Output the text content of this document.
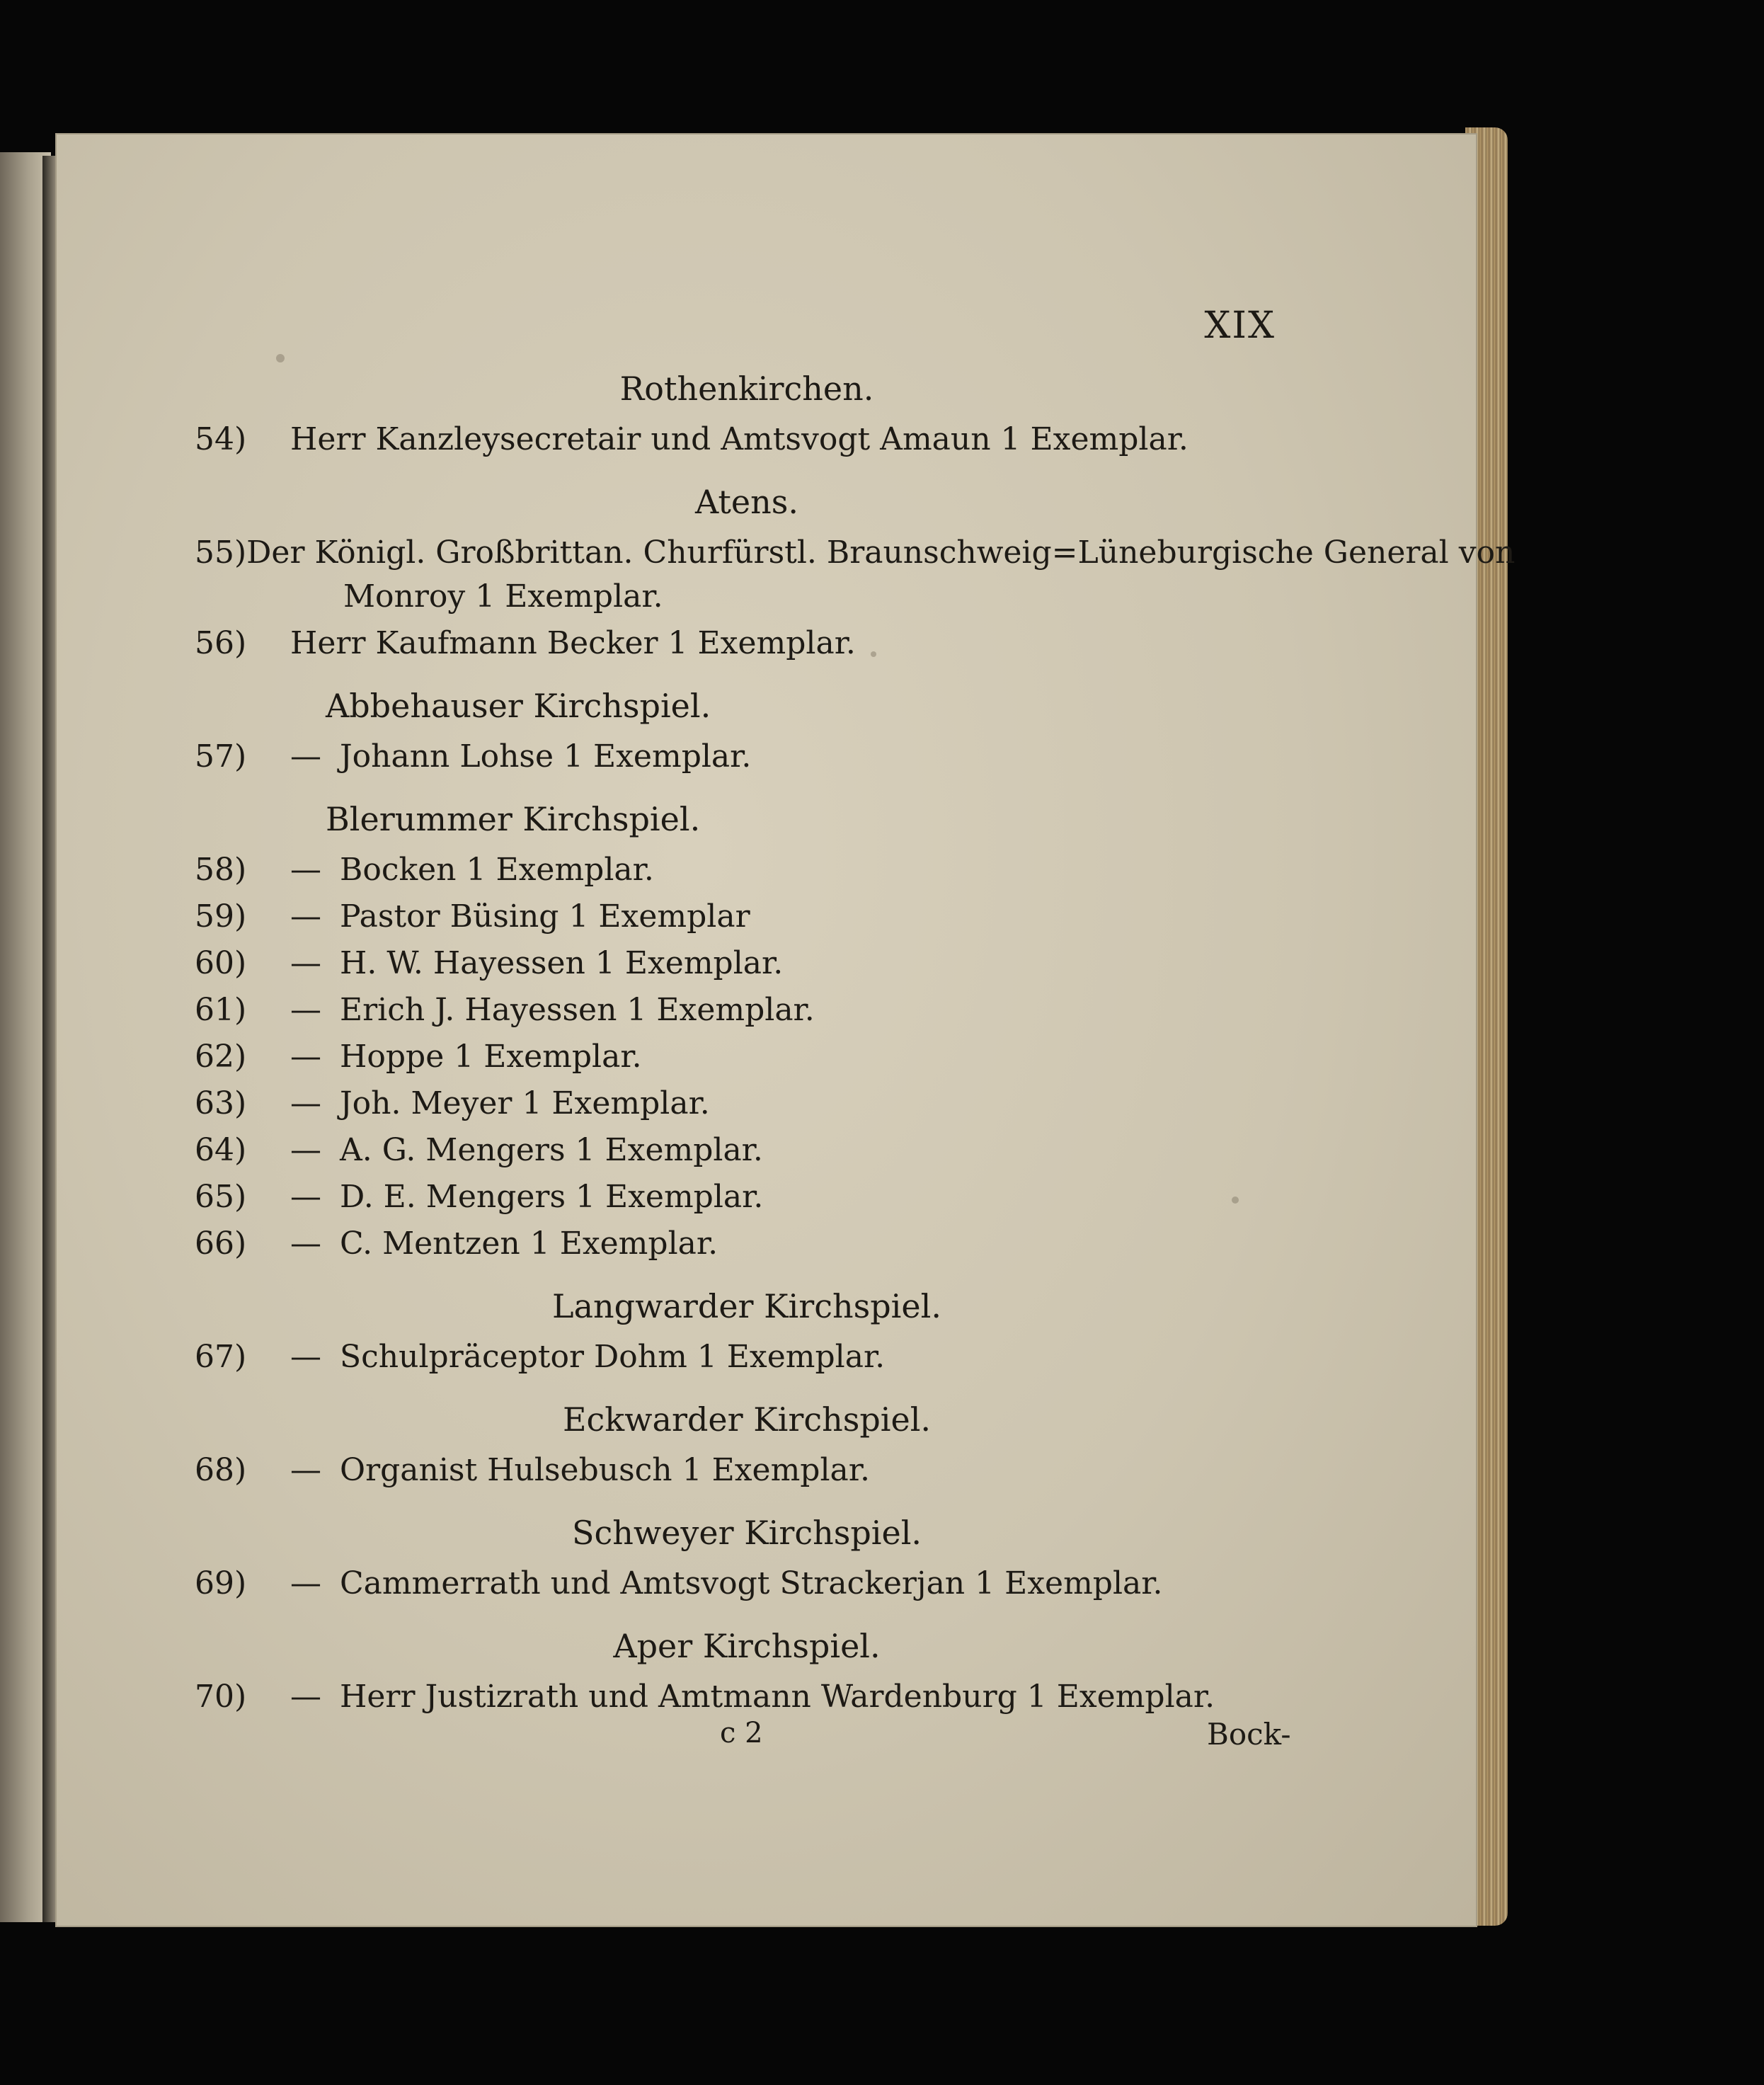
XIX
Rothenkirchen.
54)	Herr Kanzleysecretair und Amtsvogt Amaun 1 Exemplar.
Atens.
55) Der Königl. Großbrittan. Churfürstl. Braunschweig=Lüneburgische General von
Monroy 1 Exemplar.
56)	Herr Kaufmann Becker 1 Exemplar.
Abbehauser Kirchspiel.
57)	— Johann Lohse 1 Exemplar.
Blerummer Kirchspiel.
58)	— Bocken 1 Exemplar.
59)	— Pastor Büsing 1 Exemplar
60)	— H. W. Hayessen 1 Exemplar.
61)	— Erich J. Hayessen 1 Exemplar.
62)	— Hoppe 1 Exemplar.
63)	— Joh. Meyer 1 Exemplar.
64)	— A. G. Mengers 1 Exemplar.
65)	— D. E. Mengers 1 Exemplar.
66)	— C. Mentzen 1 Exemplar.
Langwarder Kirchspiel.
67)	— Schulpräceptor Dohm 1 Exemplar.
Eckwarder Kirchspiel.
68)	— Organist Hulsebusch 1 Exemplar.
Schweyer Kirchspiel.
69)	— Cammerrath und Amtsvogt Strackerjan 1 Exemplar.
Aper Kirchspiel.
70)	— Herr Justizrath und Amtmann Wardenburg 1 Exemplar.
c 2	Bock-
